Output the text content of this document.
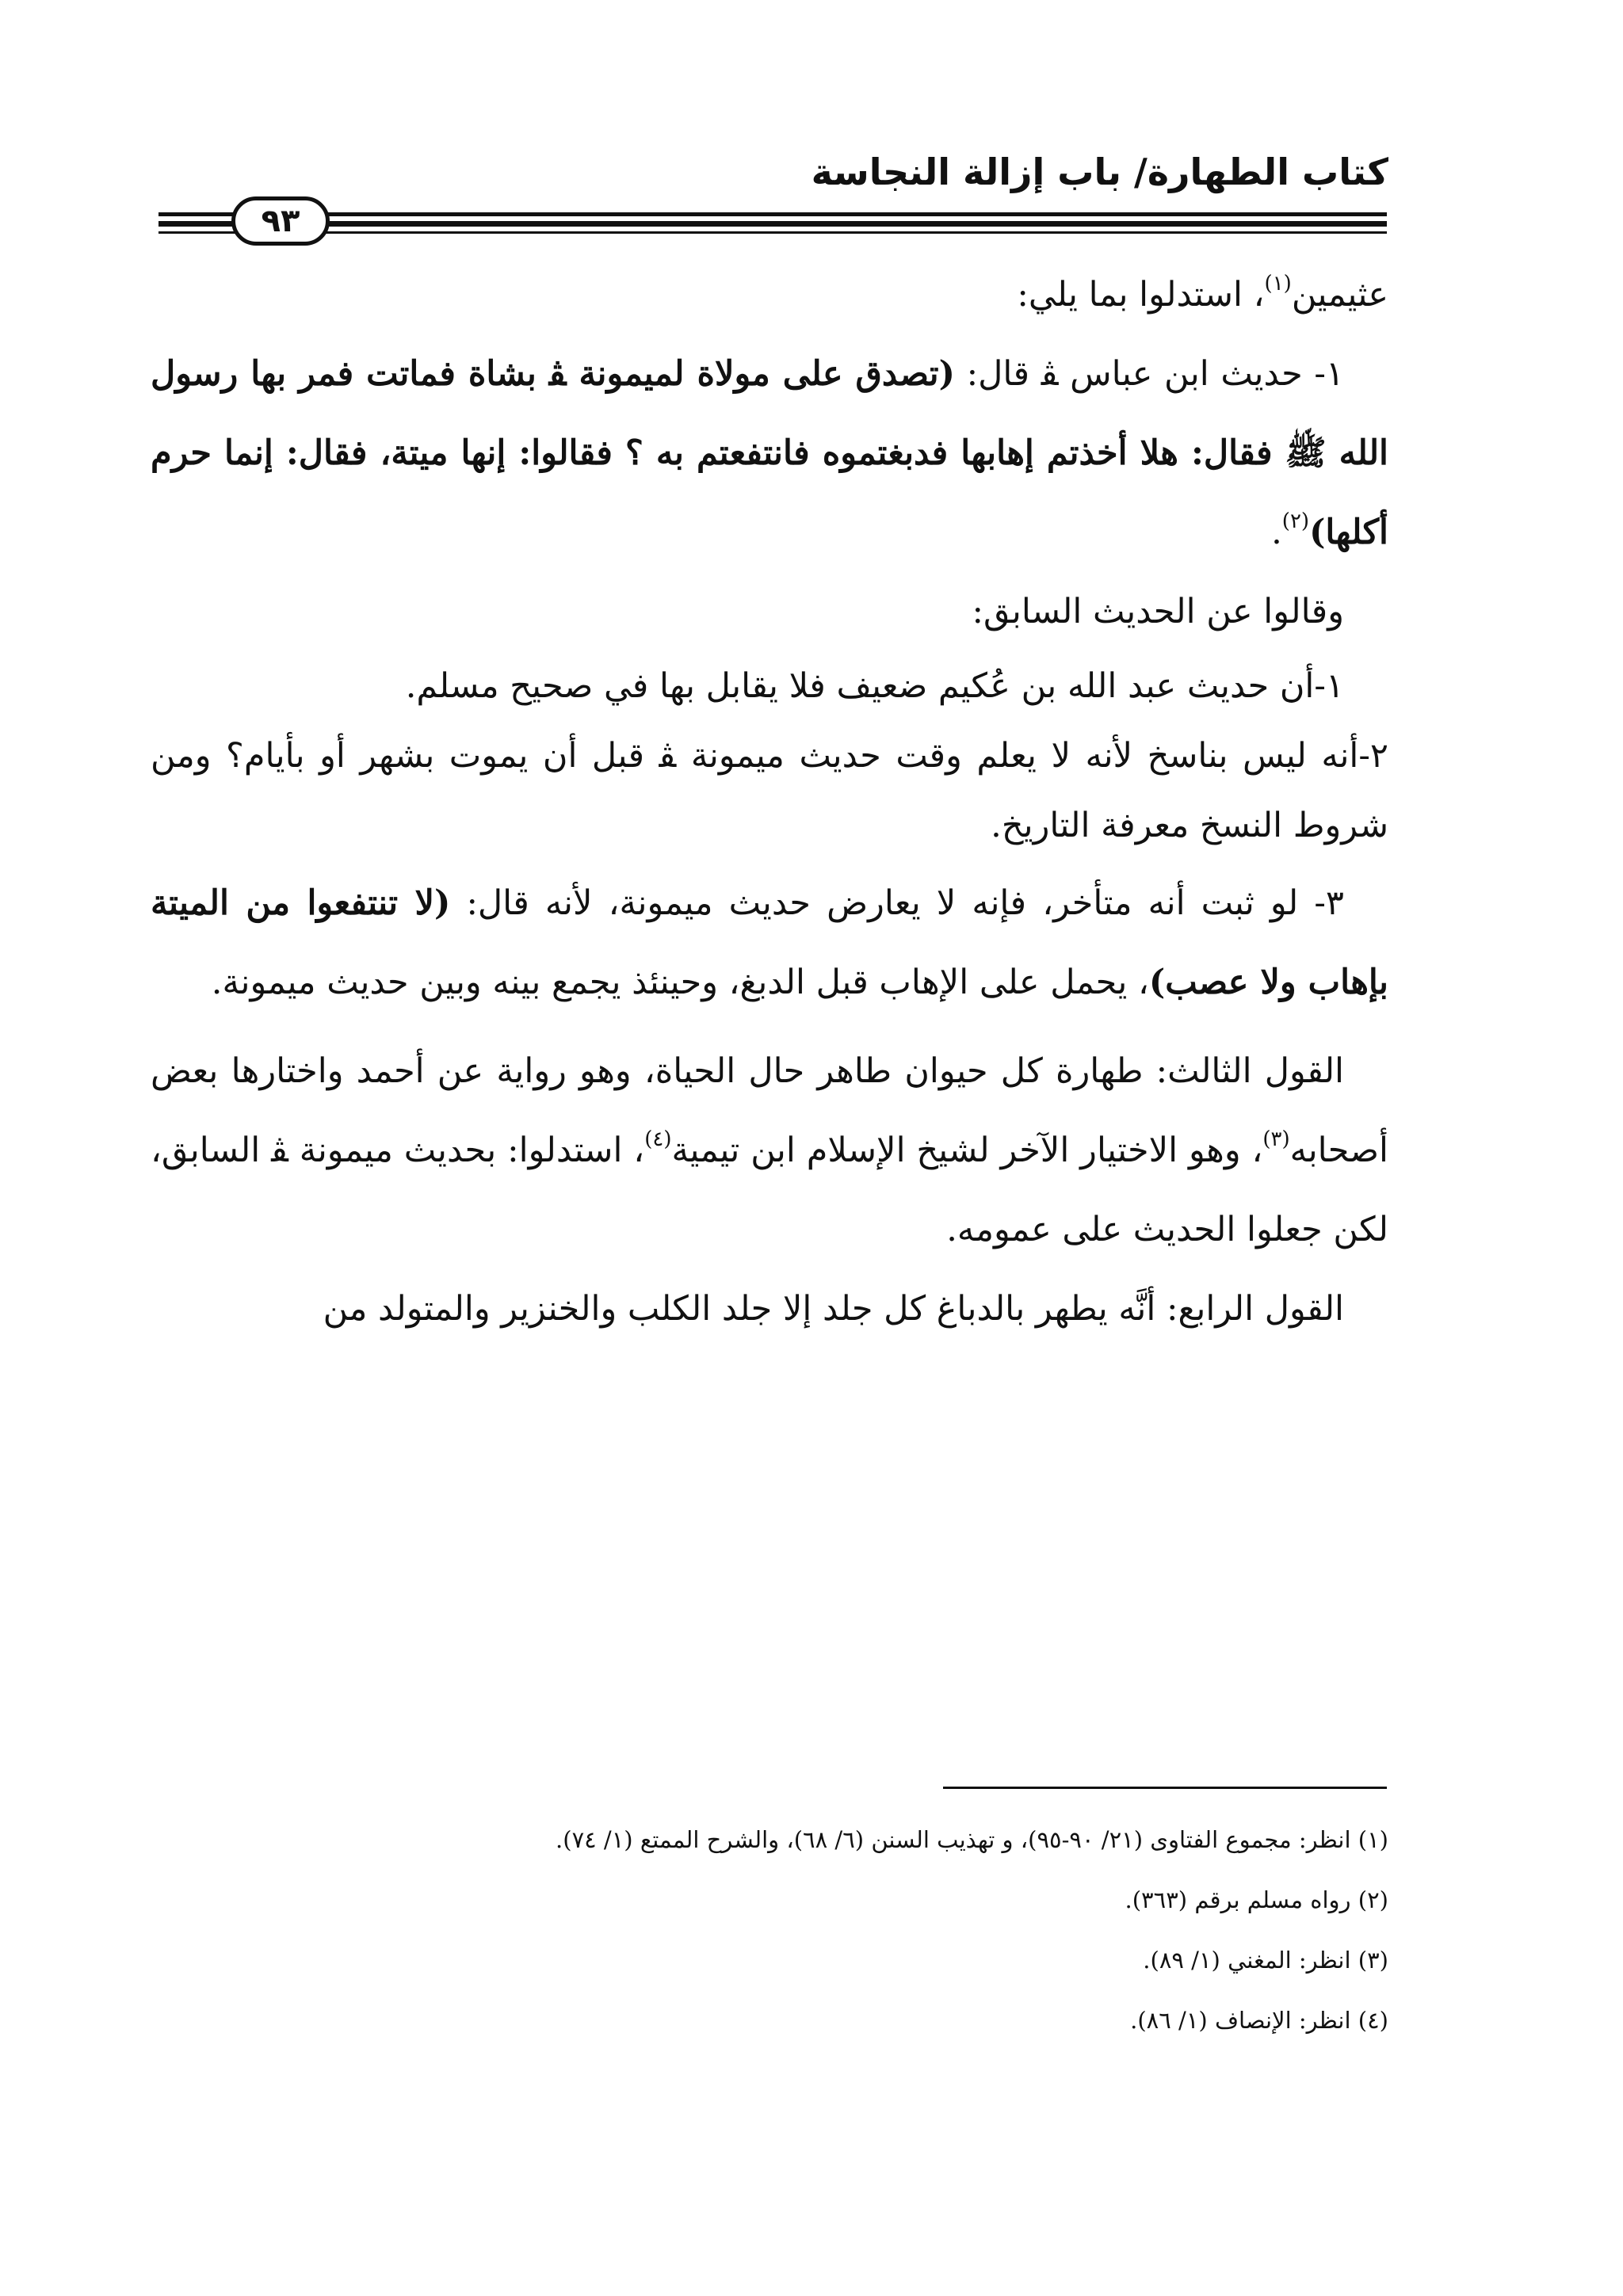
كتاب الطهارة/ باب إزالة النجاسة
٩٣

عثيمين$^{(١)}$، استدلوا بما يلي:

١- حديث ابن عباس ﭭ قال: (تصدق على مولاة لميمونة ﭭ بشاة فماتت فمر بها رسول الله ﷺ فقال: هلا أخذتم إهابها فدبغتموه فانتفعتم به ؟ فقالوا: إنها ميتة، فقال: إنما حرم أكلها)$^{(٢)}$.

وقالوا عن الحديث السابق:

١-أن حديث عبد الله بن عُكيم ضعيف فلا يقابل بها في صحيح مسلم.

٢-أنه ليس بناسخ لأنه لا يعلم وقت حديث ميمونة ﭭ قبل أن يموت بشهر أو بأيام؟ ومن شروط النسخ معرفة التاريخ.

٣- لو ثبت أنه متأخر، فإنه لا يعارض حديث ميمونة، لأنه قال: (لا تنتفعوا من الميتة بإهاب ولا عصب)، يحمل على الإهاب قبل الدبغ، وحينئذ يجمع بينه وبين حديث ميمونة.

القول الثالث: طهارة كل حيوان طاهر حال الحياة، وهو رواية عن أحمد واختارها بعض أصحابه$^{(٣)}$، وهو الاختيار الآخر لشيخ الإسلام ابن تيمية$^{(٤)}$، استدلوا: بحديث ميمونة ﭭ السابق، لكن جعلوا الحديث على عمومه.

القول الرابع: أنَّه يطهر بالدباغ كل جلد إلا جلد الكلب والخنزير والمتولد من

(١) انظر: مجموع الفتاوى (٢١/ ٩٠-٩٥)، و تهذيب السنن (٦/ ٦٨)، والشرح الممتع (١/ ٧٤).

(٢) رواه مسلم برقم (٣٦٣).

(٣) انظر: المغني (١/ ٨٩).

(٤) انظر: الإنصاف (١/ ٨٦).
